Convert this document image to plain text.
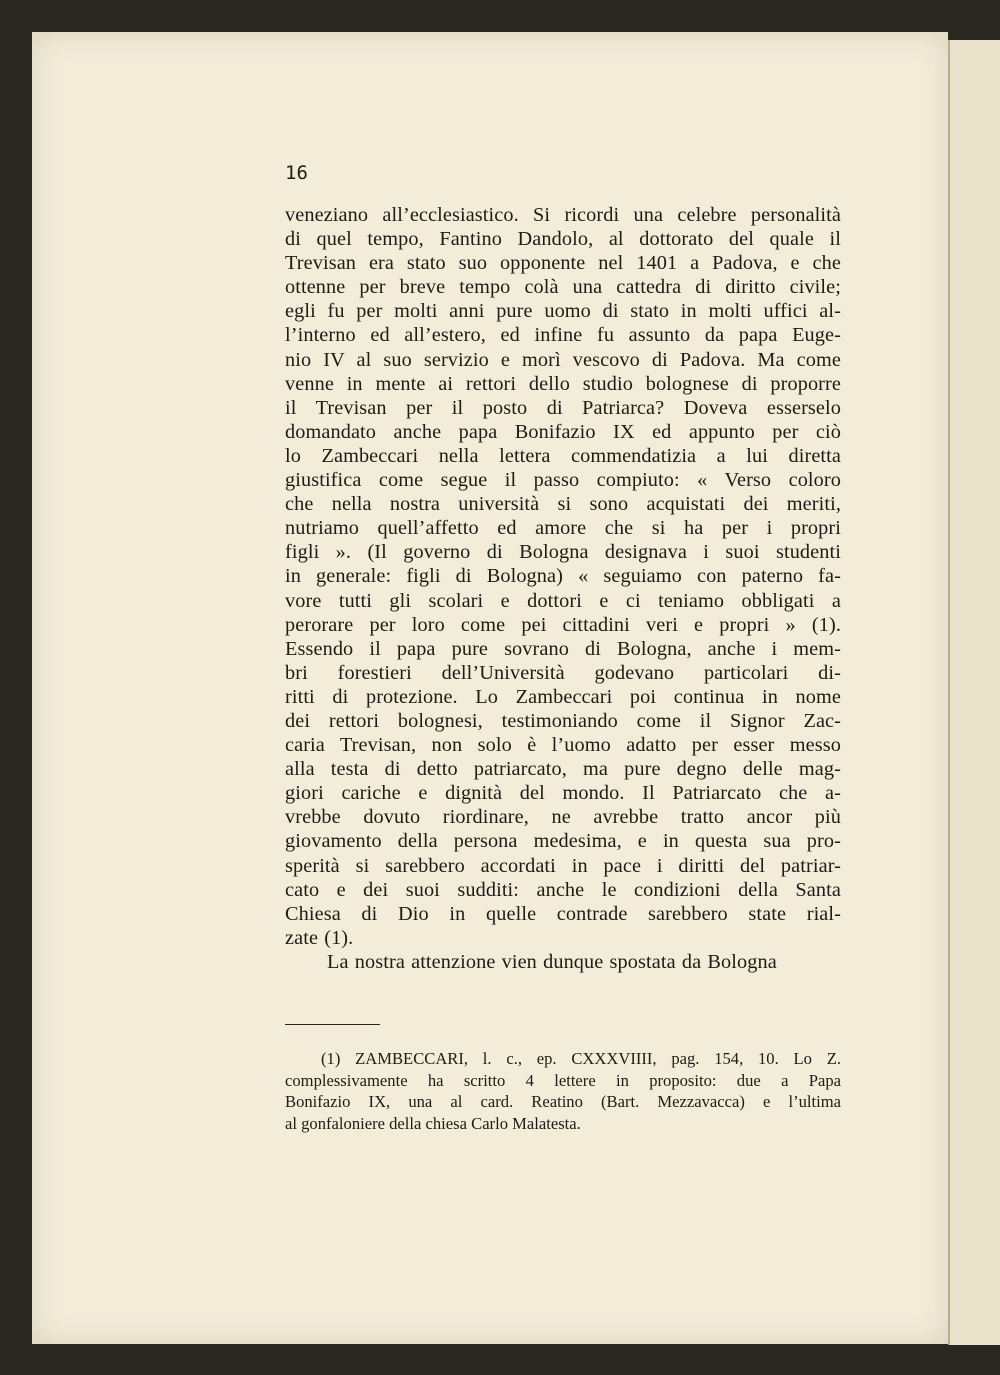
16
veneziano all’ecclesiastico. Si ricordi una celebre personalità
di quel tempo, Fantino Dandolo, al dottorato del quale il
Trevisan era stato suo opponente nel 1401 a Padova, e che
ottenne per breve tempo colà una cattedra di diritto civile;
egli fu per molti anni pure uomo di stato in molti uffici al-
l’interno ed all’estero, ed infine fu assunto da papa Euge-
nio IV al suo servizio e morì vescovo di Padova. Ma come
venne in mente ai rettori dello studio bolognese di proporre
il Trevisan per il posto di Patriarca? Doveva esserselo
domandato anche papa Bonifazio IX ed appunto per ciò
lo Zambeccari nella lettera commendatizia a lui diretta
giustifica come segue il passo compiuto: « Verso coloro
che nella nostra università si sono acquistati dei meriti,
nutriamo quell’affetto ed amore che si ha per i propri
figli ». (Il governo di Bologna designava i suoi studenti
in generale: figli di Bologna) « seguiamo con paterno fa-
vore tutti gli scolari e dottori e ci teniamo obbligati a
perorare per loro come pei cittadini veri e propri » (1).
Essendo il papa pure sovrano di Bologna, anche i mem-
bri forestieri dell’Università godevano particolari di-
ritti di protezione. Lo Zambeccari poi continua in nome
dei rettori bolognesi, testimoniando come il Signor Zac-
caria Trevisan, non solo è l’uomo adatto per esser messo
alla testa di detto patriarcato, ma pure degno delle mag-
giori cariche e dignità del mondo. Il Patriarcato che a-
vrebbe dovuto riordinare, ne avrebbe tratto ancor più
giovamento della persona medesima, e in questa sua pro-
sperità si sarebbero accordati in pace i diritti del patriar-
cato e dei suoi sudditi: anche le condizioni della Santa
Chiesa di Dio in quelle contrade sarebbero state rial-
zate (1).
La nostra attenzione vien dunque spostata da Bologna
(1) ZAMBECCARI, l. c., ep. CXXXVIIII, pag. 154, 10. Lo Z.
complessivamente ha scritto 4 lettere in proposito: due a Papa
Bonifazio IX, una al card. Reatino (Bart. Mezzavacca) e l’ultima
al gonfaloniere della chiesa Carlo Malatesta.
